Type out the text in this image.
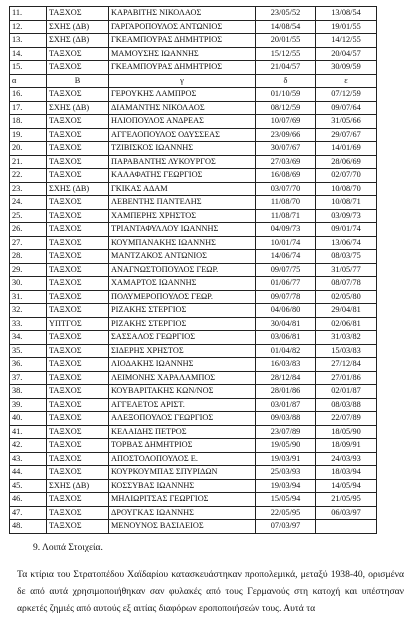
11.	ΤΑΞΧΟΣ	ΚΑΡΑΒΙΤΗΣ ΝΙΚΟΛΑΟΣ	23/05/52	13/08/54
12.	ΣΧΗΣ (ΔΒ)	ΓΑΡΓΑΡΟΠΟΥΛΟΣ ΑΝΤΩΝΙΟΣ	14/08/54	19/01/55
13.	ΣΧΗΣ (ΔΒ)	ΓΚΕΑΜΠΟΥΡΑΣ ΔΗΜΗΤΡΙΟΣ	20/01/55	14/12/55
14.	ΤΑΞΧΟΣ	ΜΑΜΟΥΣΗΣ ΙΩΑΝΝΗΣ	15/12/55	20/04/57
15.	ΤΑΞΧΟΣ	ΓΚΕΑΜΠΟΥΡΑΣ ΔΗΜΗΤΡΙΟΣ	21/04/57	30/09/59
α	Β	γ	δ	ε
16.	ΤΑΞΧΟΣ	ΓΕΡΟΥΚΗΣ ΛΑΜΠΡΟΣ	01/10/59	07/12/59
17.	ΣΧΗΣ (ΔΒ)	ΔΙΑΜΑΝΤΗΣ ΝΙΚΟΛΑΟΣ	08/12/59	09/07/64
18.	ΤΑΞΧΟΣ	ΗΛΙΟΠΟΥΛΟΣ ΑΝΔΡΕΑΣ	10/07/69	31/05/66
19.	ΤΑΞΧΟΣ	ΑΓΓΕΛΟΠΟΥΛΟΣ ΟΔΥΣΣΕΑΣ	23/09/66	29/07/67
20.	ΤΑΞΧΟΣ	ΤΖΙΒΙΣΚΟΣ ΙΩΑΝΝΗΣ	30/07/67	14/01/69
21.	ΤΑΞΧΟΣ	ΠΑΡΑΒΑΝΤΗΣ ΛΥΚΟΥΡΓΟΣ	27/03/69	28/06/69
22.	ΤΑΞΧΟΣ	ΚΑΛΑΦΑΤΗΣ ΓΕΩΡΓΙΟΣ	16/08/69	02/07/70
23.	ΣΧΗΣ (ΔΒ)	ΓΚΙΚΑΣ ΑΔΑΜ	03/07/70	10/08/70
24.	ΤΑΞΧΟΣ	ΛΕΒΕΝΤΗΣ ΠΑΝΤΕΛΗΣ	11/08/70	10/08/71
25.	ΤΑΞΧΟΣ	ΧΑΜΠΕΡΗΣ ΧΡΗΣΤΟΣ	11/08/71	03/09/73
26.	ΤΑΞΧΟΣ	ΤΡΙΑΝΤΑΦΥΛΛΟΥ ΙΩΑΝΝΗΣ	04/09/73	09/01/74
27.	ΤΑΞΧΟΣ	ΚΟΥΜΠΑΝΑΚΗΣ ΙΩΑΝΝΗΣ	10/01/74	13/06/74
28.	ΤΑΞΧΟΣ	ΜΑΝΤΖΑΚΟΣ ΑΝΤΩΝΙΟΣ	14/06/74	08/03/75
29.	ΤΑΞΧΟΣ	ΑΝΑΓΝΩΣΤΟΠΟΥΛΟΣ ΓΕΩΡ.	09/07/75	31/05/77
30.	ΤΑΞΧΟΣ	ΧΑΜΑΡΤΟΣ ΙΩΑΝΝΗΣ	01/06/77	08/07/78
31.	ΤΑΞΧΟΣ	ΠΟΛΥΜΕΡΟΠΟΥΛΟΣ ΓΕΩΡ.	09/07/78	02/05/80
32.	ΤΑΞΧΟΣ	ΡΙΖΑΚΗΣ ΣΤΕΡΓΙΟΣ	04/06/80	29/04/81
33.	ΥΠΤΓΟΣ	ΡΙΖΑΚΗΣ ΣΤΕΡΓΙΟΣ	30/04/81	02/06/81
34.	ΤΑΞΧΟΣ	ΣΑΣΣΑΛΟΣ ΓΕΩΡΓΙΟΣ	03/06/81	31/03/82
35.	ΤΑΞΧΟΣ	ΣΙΔΕΡΗΣ ΧΡΗΣΤΟΣ	01/04/82	15/03/83
36.	ΤΑΞΧΟΣ	ΛΙΟΔΑΚΗΣ ΙΩΑΝΝΗΣ	16/03/83	27/12/84
37.	ΤΑΞΧΟΣ	ΛΕΙΜΟΝΗΣ ΧΑΡΑΛΑΜΠΟΣ	28/12/84	27/01/86
38.	ΤΑΞΧΟΣ	ΚΟΥΒΑΡΙΤΑΚΗΣ ΚΩΝ/ΝΟΣ	28/01/86	02/01/87
39.	ΤΑΞΧΟΣ	ΑΓΓΕΛΕΤΟΣ ΑΡΙΣΤ.	03/01/87	08/03/88
40.	ΤΑΞΧΟΣ	ΑΛΕΞΟΠΟΥΛΟΣ ΓΕΩΡΓΙΟΣ	09/03/88	22/07/89
41.	ΤΑΞΧΟΣ	ΚΕΛΑΙΔΗΣ ΠΕΤΡΟΣ	23/07/89	18/05/90
42.	ΤΑΞΧΟΣ	ΤΟΡΒΑΣ ΔΗΜΗΤΡΙΟΣ	19/05/90	18/09/91
43.	ΤΑΞΧΟΣ	ΑΠΟΣΤΟΛΟΠΟΥΛΟΣ Ε.	19/03/91	24/03/93
44.	ΤΑΞΧΟΣ	ΚΟΥΡΚΟΥΜΠΑΣ ΣΠΥΡΙΔΩΝ	25/03/93	18/03/94
45.	ΣΧΗΣ (ΔΒ)	ΚΟΣΣΥΒΑΣ ΙΩΑΝΝΗΣ	19/03/94	14/05/94
46.	ΤΑΞΧΟΣ	ΜΗΛΙΩΡΙΤΣΑΣ ΓΕΩΡΓΙΟΣ	15/05/94	21/05/95
47.	ΤΑΞΧΟΣ	ΔΡΟΥΓΚΑΣ ΙΩΑΝΝΗΣ	22/05/95	06/03/97
48.	ΤΑΞΧΟΣ	ΜΕΝΟΥΝΟΣ ΒΑΣΙΛΕΙΟΣ	07/03/97	
9. Λοιπά Στοιχεία.
Τα κτίρια του Στρατοπέδου Χαϊδαρίου κατασκευάστηκαν προπολεμικά, μεταξύ 1938-40, ορισμένα δε από αυτά χρησιμοποιήθηκαν σαν φυλακές από τους Γερμανούς στη κατοχή και υπέστησαν αρκετές ζημιές από αυτούς εξ αιτίας διαφόρων εροποποιήσεών τους. Αυτά τα
